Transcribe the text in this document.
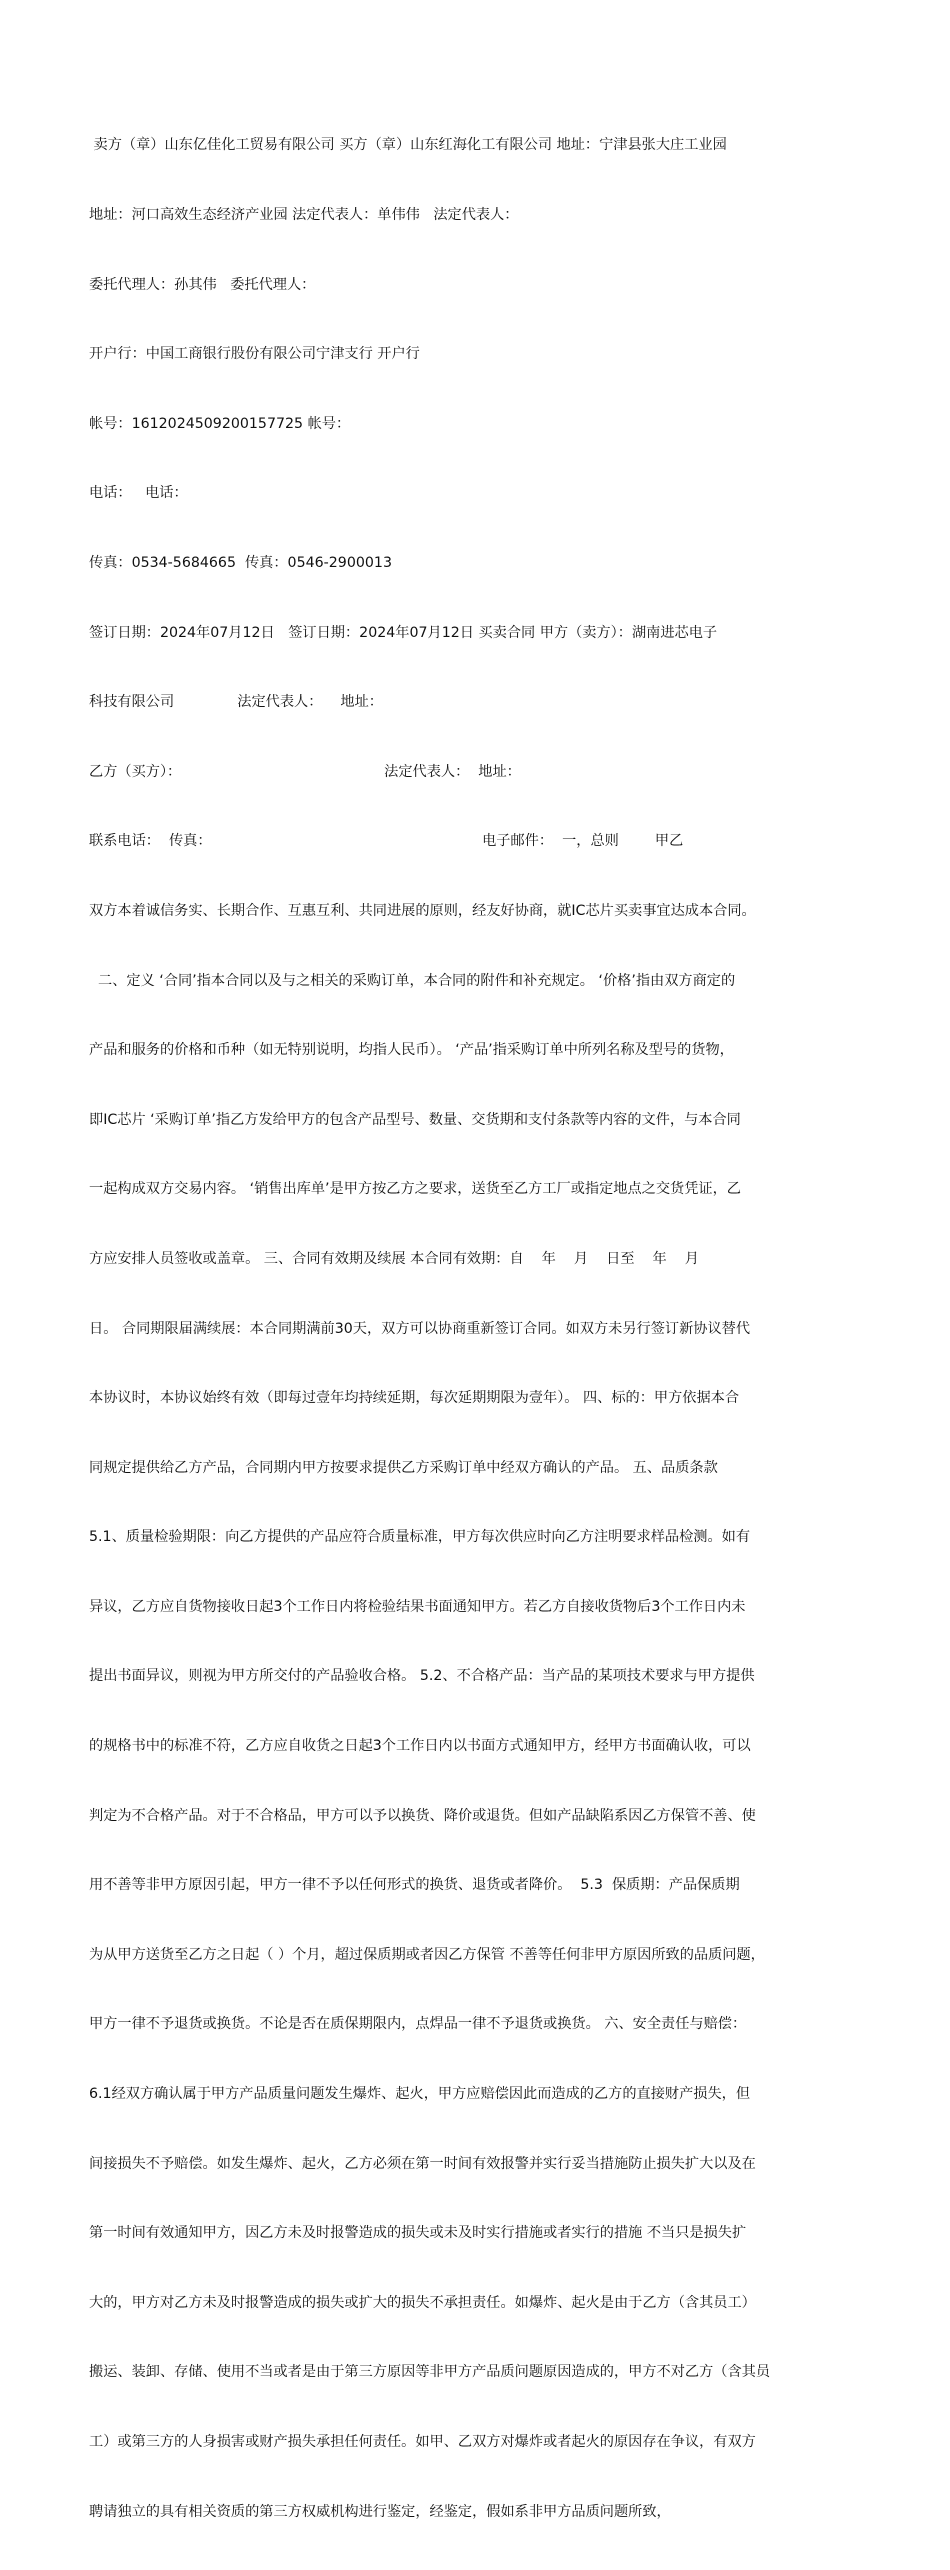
卖方（章）山东亿佳化工贸易有限公司 买方（章）山东红海化工有限公司 地址：宁津县张大庄工业园

地址：河口高效生态经济产业园 法定代表人：单伟伟   法定代表人：

委托代理人：孙其伟   委托代理人：

开户行：中国工商银行股份有限公司宁津支行 开户行

帐号：1612024509200157725 帐号：

电话：   电话：

传真：0534-5684665  传真：0546-2900013

签订日期：2024年07月12日   签订日期：2024年07月12日 买卖合同 甲方（卖方）：湖南进芯电子

科技有限公司              法定代表人：    地址：

乙方（买方）：                                             法定代表人：  地址：

联系电话：  传真：                                                            电子邮件：  一，总则        甲乙

双方本着诚信务实、长期合作、互惠互利、共同进展的原则，经友好协商，就IC芯片买卖事宜达成本合同。

二、定义 ‘合同’指本合同以及与之相关的采购订单，本合同的附件和补充规定。 ‘价格’指由双方商定的

产品和服务的价格和币种（如无特别说明，均指人民币）。 ‘产品’指采购订单中所列名称及型号的货物，

即IC芯片 ‘采购订单’指乙方发给甲方的包含产品型号、数量、交货期和支付条款等内容的文件，与本合同

一起构成双方交易内容。 ‘销售出库单’是甲方按乙方之要求，送货至乙方工厂或指定地点之交货凭证，乙

方应安排人员签收或盖章。 三、合同有效期及续展 本合同有效期：自    年    月    日至    年    月

日。 合同期限届满续展：本合同期满前30天，双方可以协商重新签订合同。如双方未另行签订新协议替代

本协议时，本协议始终有效（即每过壹年均持续延期，每次延期期限为壹年）。 四、标的：甲方依据本合

同规定提供给乙方产品，合同期内甲方按要求提供乙方采购订单中经双方确认的产品。 五、品质条款

5.1、质量检验期限：向乙方提供的产品应符合质量标准，甲方每次供应时向乙方注明要求样品检测。如有

异议，乙方应自货物接收日起3个工作日内将检验结果书面通知甲方。若乙方自接收货物后3个工作日内未

提出书面异议，则视为甲方所交付的产品验收合格。 5.2、不合格产品：当产品的某项技术要求与甲方提供

的规格书中的标准不符，乙方应自收货之日起3个工作日内以书面方式通知甲方，经甲方书面确认收，可以

判定为不合格产品。对于不合格品，甲方可以予以换货、降价或退货。但如产品缺陷系因乙方保管不善、使

用不善等非甲方原因引起，甲方一律不予以任何形式的换货、退货或者降价。  5.3  保质期：产品保质期

为从甲方送货至乙方之日起（ ）个月，超过保质期或者因乙方保管 不善等任何非甲方原因所致的品质问题，

甲方一律不予退货或换货。不论是否在质保期限内，点焊品一律不予退货或换货。 六、安全责任与赔偿：

6.1经双方确认属于甲方产品质量问题发生爆炸、起火，甲方应赔偿因此而造成的乙方的直接财产损失，但

间接损失不予赔偿。如发生爆炸、起火，乙方必须在第一时间有效报警并实行妥当措施防止损失扩大以及在

第一时间有效通知甲方，因乙方未及时报警造成的损失或未及时实行措施或者实行的措施 不当只是损失扩

大的，甲方对乙方未及时报警造成的损失或扩大的损失不承担责任。如爆炸、起火是由于乙方（含其员工）

搬运、装卸、存储、使用不当或者是由于第三方原因等非甲方产品质问题原因造成的，甲方不对乙方（含其员

工）或第三方的人身损害或财产损失承担任何责任。如甲、乙双方对爆炸或者起火的原因存在争议，有双方

聘请独立的具有相关资质的第三方权威机构进行鉴定，经鉴定，假如系非甲方品质问题所致，
